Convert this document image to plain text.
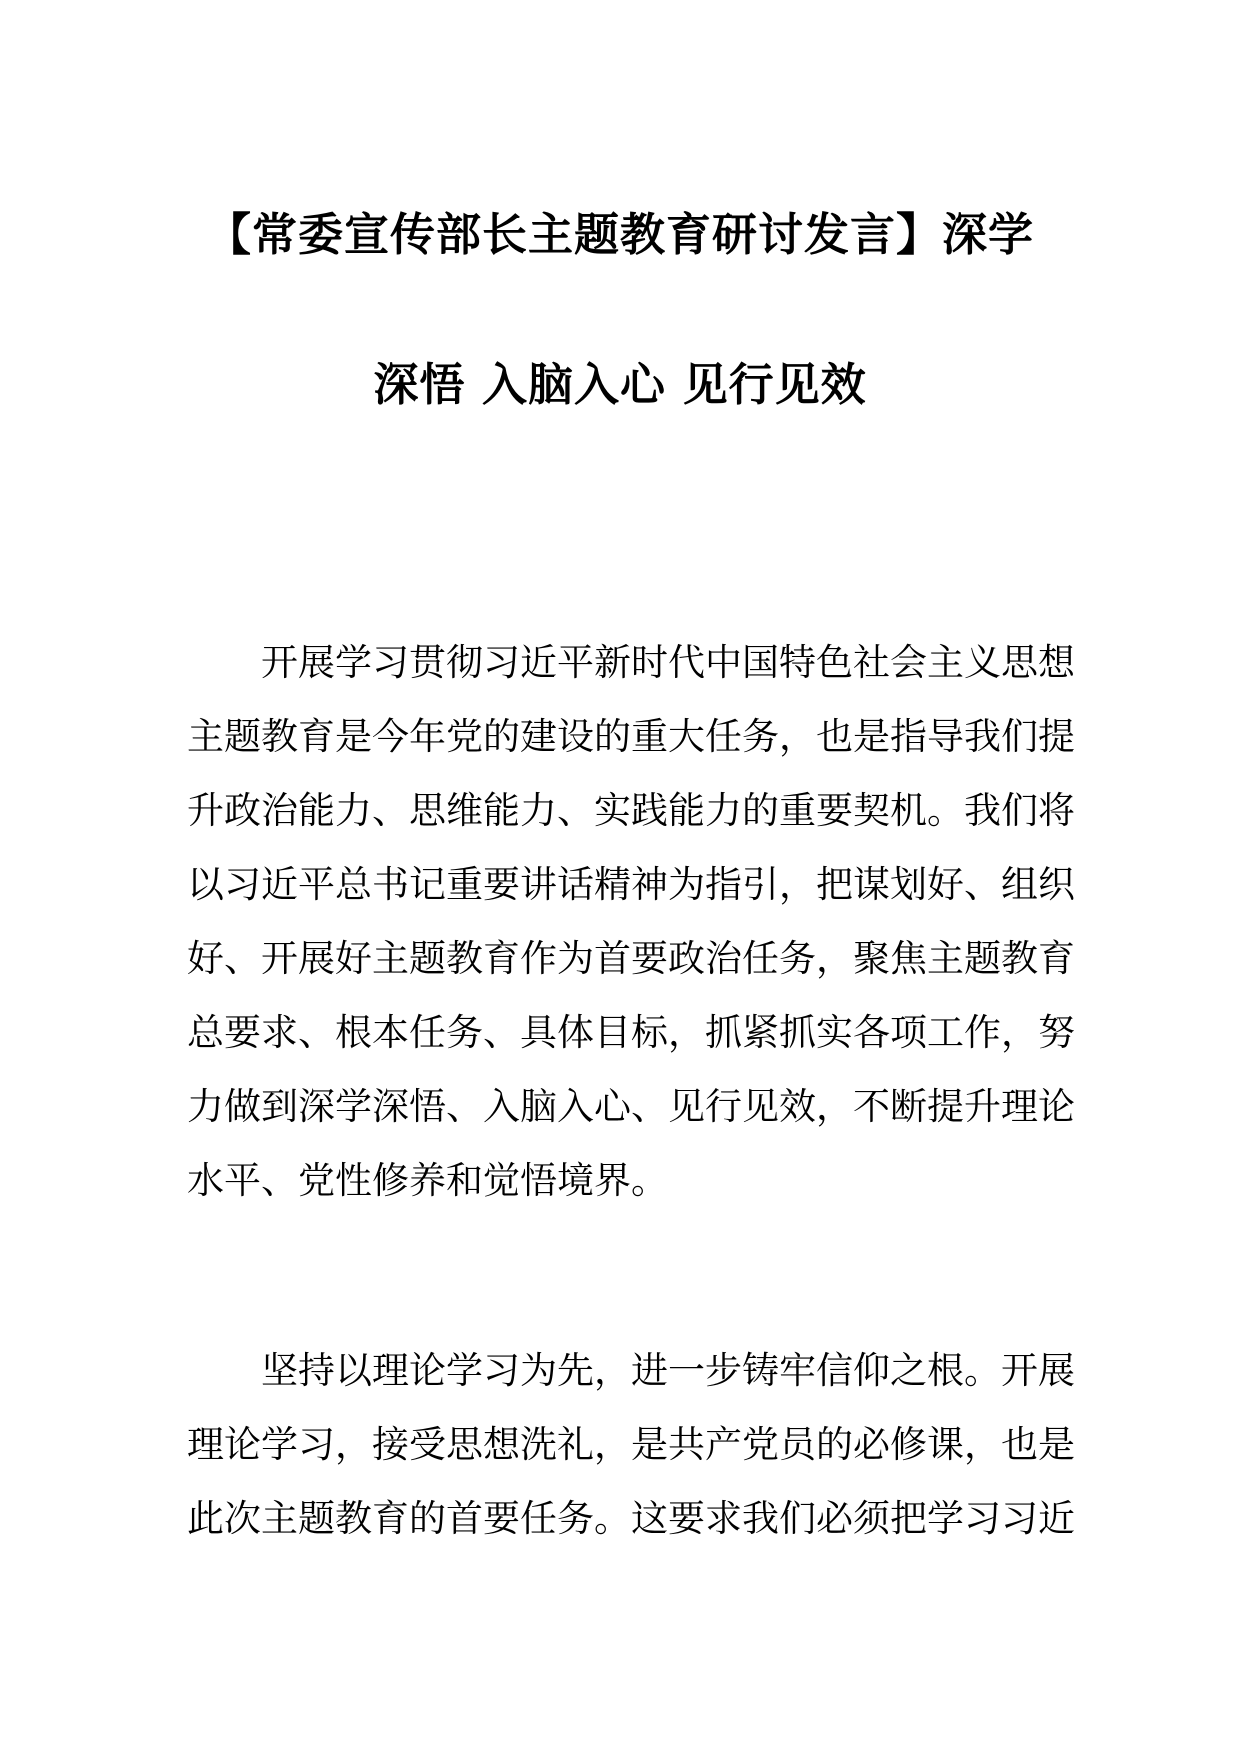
【常委宣传部长主题教育研讨发言】深学
深悟 入脑入心 见行见效
开展学习贯彻习近平新时代中国特色社会主义思想
主题教育是今年党的建设的重大任务，也是指导我们提
升政治能力、思维能力、实践能力的重要契机。我们将
以习近平总书记重要讲话精神为指引，把谋划好、组织
好、开展好主题教育作为首要政治任务，聚焦主题教育
总要求、根本任务、具体目标，抓紧抓实各项工作，努
力做到深学深悟、入脑入心、见行见效，不断提升理论
水平、党性修养和觉悟境界。
坚持以理论学习为先，进一步铸牢信仰之根。开展
理论学习，接受思想洗礼，是共产党员的必修课，也是
此次主题教育的首要任务。这要求我们必须把学习习近
